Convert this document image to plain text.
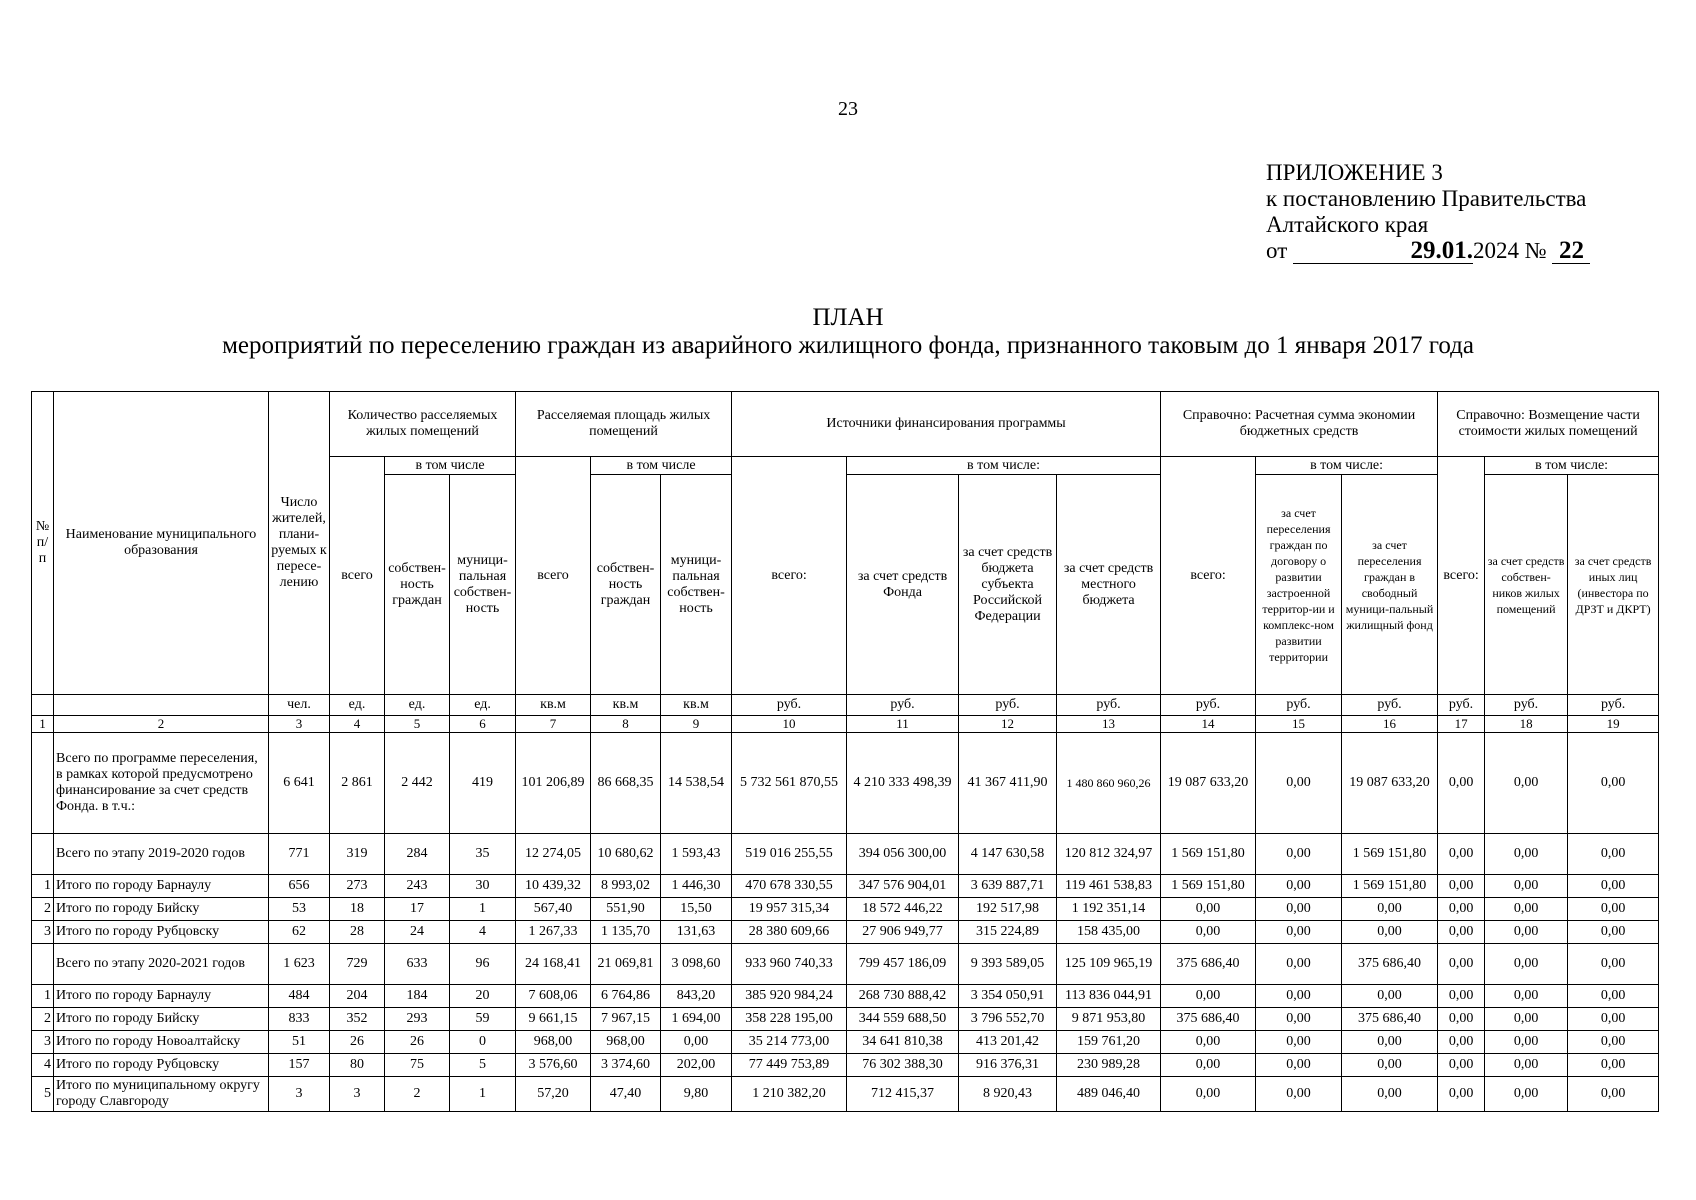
23
ПРИЛОЖЕНИЕ 3
к постановлению Правительства
Алтайского края
от	29.01.2024 № 22
ПЛАН
мероприятий по переселению граждан из аварийного жилищного фонда, признанного таковым до 1 января 2017 года
№ п/п	Наименование муниципального образования	Число жителей, плани-руемых к пересе-лению	Количество расселяемых жилых помещений			Расселяемая площадь жилых помещений			Источники финансирования программы				Справочно: Расчетная сумма экономии бюджетных средств			Справочно: Возмещение части стоимости жилых помещений		
			всего	в том числе		всего	в том числе		всего:	в том числе:			всего:	в том числе:		всего:	в том числе:	
				собствен-ность граждан	муници-пальная собствен-ность		собствен-ность граждан	муници-пальная собствен-ность		за счет средств Фонда	за счет средств бюджета субъекта Российской Федерации	за счет средств местного бюджета		за счет переселения граждан по договору о развитии застроенной территор-ии и комплекс-ном развитии территории	за счет переселения граждан в свободный муници-пальный жилищный фонд		за счет средств собствен-ников жилых помещений	за счет средств иных лиц (инвестора по ДРЗТ и ДКРТ)
		чел.	ед.	ед.	ед.	кв.м	кв.м	кв.м	руб.	руб.	руб.	руб.	руб.	руб.	руб.	руб.	руб.	руб.
1	2	3	4	5	6	7	8	9	10	11	12	13	14	15	16	17	18	19
	Всего по программе переселения, в рамках которой предусмотрено финансирование за счет средств Фонда. в т.ч.:	6 641	2 861	2 442	419	101 206,89	86 668,35	14 538,54	5 732 561 870,55	4 210 333 498,39	41 367 411,90	1 480 860 960,26	19 087 633,20	0,00	19 087 633,20	0,00	0,00	0,00
	Всего по этапу 2019-2020 годов	771	319	284	35	12 274,05	10 680,62	1 593,43	519 016 255,55	394 056 300,00	4 147 630,58	120 812 324,97	1 569 151,80	0,00	1 569 151,80	0,00	0,00	0,00
1	Итого по городу Барнаулу	656	273	243	30	10 439,32	8 993,02	1 446,30	470 678 330,55	347 576 904,01	3 639 887,71	119 461 538,83	1 569 151,80	0,00	1 569 151,80	0,00	0,00	0,00
2	Итого по городу Бийску	53	18	17	1	567,40	551,90	15,50	19 957 315,34	18 572 446,22	192 517,98	1 192 351,14	0,00	0,00	0,00	0,00	0,00	0,00
3	Итого по городу Рубцовску	62	28	24	4	1 267,33	1 135,70	131,63	28 380 609,66	27 906 949,77	315 224,89	158 435,00	0,00	0,00	0,00	0,00	0,00	0,00
	Всего по этапу 2020-2021 годов	1 623	729	633	96	24 168,41	21 069,81	3 098,60	933 960 740,33	799 457 186,09	9 393 589,05	125 109 965,19	375 686,40	0,00	375 686,40	0,00	0,00	0,00
1	Итого по городу Барнаулу	484	204	184	20	7 608,06	6 764,86	843,20	385 920 984,24	268 730 888,42	3 354 050,91	113 836 044,91	0,00	0,00	0,00	0,00	0,00	0,00
2	Итого по городу Бийску	833	352	293	59	9 661,15	7 967,15	1 694,00	358 228 195,00	344 559 688,50	3 796 552,70	9 871 953,80	375 686,40	0,00	375 686,40	0,00	0,00	0,00
3	Итого по городу Новоалтайску	51	26	26	0	968,00	968,00	0,00	35 214 773,00	34 641 810,38	413 201,42	159 761,20	0,00	0,00	0,00	0,00	0,00	0,00
4	Итого по городу Рубцовску	157	80	75	5	3 576,60	3 374,60	202,00	77 449 753,89	76 302 388,30	916 376,31	230 989,28	0,00	0,00	0,00	0,00	0,00	0,00
5	Итого по муниципальному округу городу Славгороду	3	3	2	1	57,20	47,40	9,80	1 210 382,20	712 415,37	8 920,43	489 046,40	0,00	0,00	0,00	0,00	0,00	0,00
